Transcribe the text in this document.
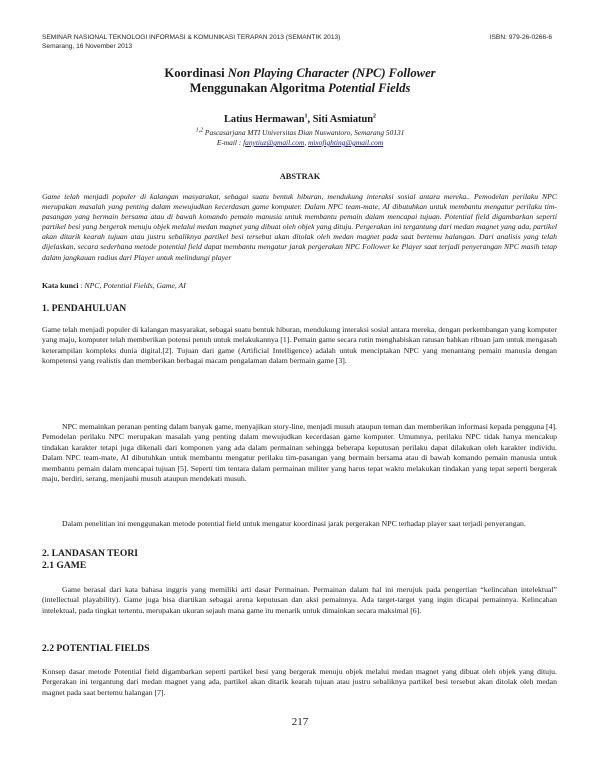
SEMINAR NASIONAL TEKNOLOGI INFORMASI & KOMUNIKASI TERAPAN 2013 (SEMANTIK 2013)
Semarang, 16 November 2013
ISBN: 979-26-0266-6
Koordinasi Non Playing Character (NPC) Follower
Menggunakan Algoritma Potential Fields
Latius Hermawan$^1$, Siti Asmiatun$^2$
$^{1,2}$ Pascasarjana MTI Universitas Dian Nuswantoro, Semarang 50131
E-mail : fanytiuz@gmail.com, mixofighting@gmail.com
ABSTRAK
Game telah menjadi populer di kalangan masyarakat, sebagai suatu bentuk hiburan, mendukung interaksi sosial antara mereka.. Pemodelan perilaku NPC merupakan masalah yang penting dalam mewujudkan kecerdasan game komputer. Dalam NPC team-mate, AI dibutuhkan untuk membantu mengatur perilaku tim-pasangan yang bermain bersama atau di bawah komando pemain manusia untuk membantu pemain dalam mencapai tujuan. Potential field digambarkan seperti partikel besi yang bergerak menuju objek melalui medan magnet yang dibuat oleh objek yang dituju. Pergerakan ini tergantung dari medan magnet yang ada, partikel akan ditarik kearah tujuan atau justru sebaliknya partikel besi tersebut akan ditolak oleh medan magnet pada saat bertemu halangan. Dari analisis yang telah dijelaskan, secara sederhana metode potential field dapat membantu mengatur jarak pergerakan NPC Follower ke Player saat terjadi penyerangan NPC masih tetap dalam jangkauan radius dari Player untuk melindungi player
Kata kunci : NPC, Potential Fields, Game, AI
1. PENDAHULUAN
Game telah menjadi populer di kalangan masyarakat, sebagai suatu bentuk hiburan, mendukung interaksi sosial antara mereka, dengan perkembangan yang komputer yang maju, komputer telah memberikan potensi penuh untuk melakukannya [1]. Pemain game secara rutin menghabiskan ratusan bahkan ribuan jam untuk mengasah keterampilan kompleks dunia digital.[2]. Tujuan dari game (Artificial Intelligence) adalah untuk menciptakan NPC yang menantang pemain manusia dengan kompetensi yang realistis dan memberikan berbagai macam pengalaman dalam bermain game [3].
NPC memainkan peranan penting dalam banyak game, menyajikan story-line, menjadi musuh ataupun teman dan memberikan informasi kepada pengguna [4]. Pemodelan perilaku NPC merupakan masalah yang penting dalam mewujudkan kecerdasan game komputer. Umumnya, perilaku NPC tidak hanya mencakup tindakan karakter tetapi juga dikenali dari komponen yang ada dalam permainan sehingga beberapa keputusan perilaku dapat dilakukan oleh karakter individu. Dalam NPC team-mate, AI dibutuhkan untuk membantu mengatur perilaku tim-pasangan yang bermain bersama atau di bawah komando pemain manusia untuk membantu pemain dalam mencapai tujuan [5]. Seperti tim tentara dalam permainan militer yang harus tepat waktu melakukan tindakan yang tepat seperti bergerak maju, berdiri, serang, menjauhi musuh ataupun mendekati musuh.
Dalam penelitian ini menggunakan metode potential field untuk mengatur koordinasi jarak pergerakan NPC terhadap player saat terjadi penyerangan.
2. LANDASAN TEORI
2.1 GAME
Game berasal dari kata bahasa inggris yang memiliki arti dasar Permainan. Permainan dalam hal ini merujuk pada pengertian “kelincahan intelektual” (intellectual playability). Game juga bisa diartikan sebagai arena keputusan dan aksi pemainnya. Ada target-target yang ingin dicapai pemainnya. Kelincahan intelektual, pada tingkat tertentu, merupakan ukuran sejauh mana game itu menarik untuk dimainkan secara maksimal [6].
2.2 POTENTIAL FIELDS
Konsep dasar metode Potential field digambarkan seperti partikel besi yang bergerak menuju objek melalui medan magnet yang dibuat oleh objek yang dituju. Pergerakan ini tergantung dari medan magnet yang ada, partikel akan ditarik kearah tujuan atau justru sebaliknya partikel besi tersebut akan ditolak oleh medan magnet pada saat bertemu halangan [7].
217
